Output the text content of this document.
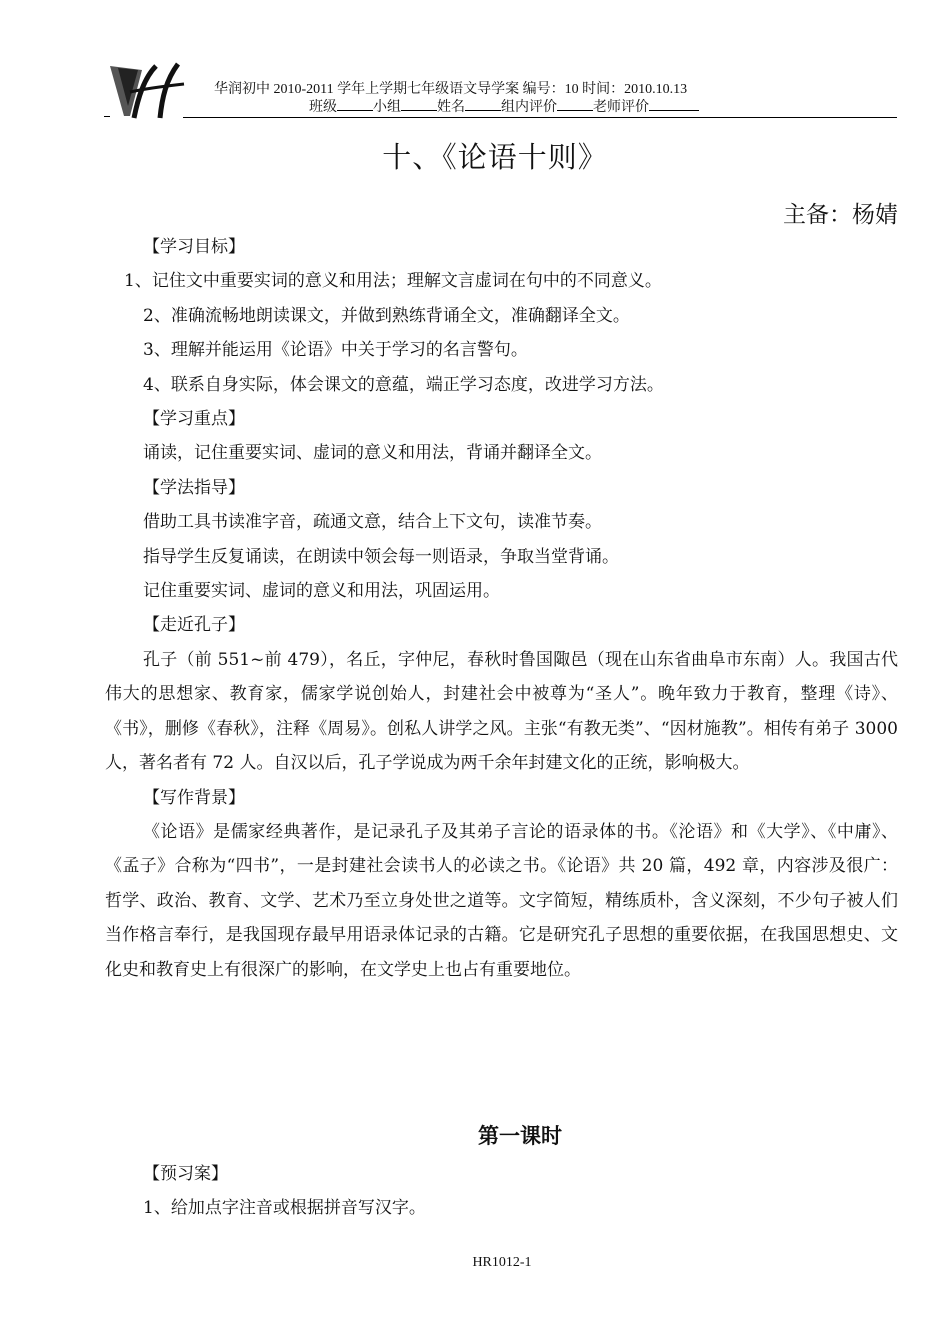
华润初中 2010-2011 学年上学期七年级语文导学案 编号：10 时间：2010.10.13
班级	小组	姓名	组内评价	老师评价
十、《论语十则》
主备：杨婧

【学习目标】

1、记住文中重要实词的意义和用法；理解文言虚词在句中的不同意义。

2、准确流畅地朗读课文，并做到熟练背诵全文，准确翻译全文。

3、理解并能运用《论语》中关于学习的名言警句。

4、联系自身实际，体会课文的意蕴，端正学习态度，改进学习方法。

【学习重点】

诵读，记住重要实词、虚词的意义和用法，背诵并翻译全文。

【学法指导】

借助工具书读准字音，疏通文意，结合上下文句，读准节奏。

指导学生反复诵读，在朗读中领会每一则语录，争取当堂背诵。

记住重要实词、虚词的意义和用法，巩固运用。

【走近孔子】

孔子（前 551~前 479），名丘，字仲尼，春秋时鲁国陬邑（现在山东省曲阜市东南）人。我国古代伟大的思想家、教育家，儒家学说创始人，封建社会中被尊为“圣人”。晚年致力于教育，整理《诗》、《书》，删修《春秋》，注释《周易》。创私人讲学之风。主张“有教无类”、“因材施教”。相传有弟子 3000 人，著名者有 72 人。自汉以后，孔子学说成为两千余年封建文化的正统，影响极大。

【写作背景】

《论语》是儒家经典著作，是记录孔子及其弟子言论的语录体的书。《沦语》和《大学》、《中庸》、《孟子》合称为“四书”，一是封建社会读书人的必读之书。《论语》共 20 篇，492 章，内容涉及很广：哲学、政治、教育、文学、艺术乃至立身处世之道等。文字简短，精练质朴，含义深刻，不少句子被人们当作格言奉行，是我国现存最早用语录体记录的古籍。它是研究孔子思想的重要依据，在我国思想史、文化史和教育史上有很深广的影响，在文学史上也占有重要地位。

第一课时

【预习案】

1、给加点字注音或根据拼音写汉字。

HR1012-1
